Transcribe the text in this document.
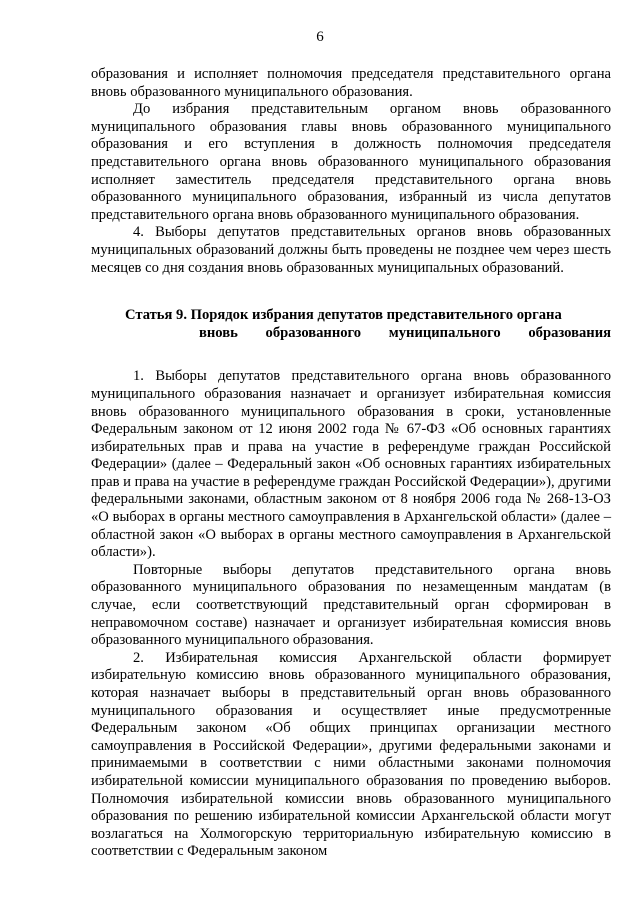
6

образования и исполняет полномочия председателя представительного органа вновь образованного муниципального образования.

До избрания представительным органом вновь образованного муниципального образования главы вновь образованного муниципального образования и его вступления в должность полномочия председателя представительного органа вновь образованного муниципального образования исполняет заместитель председателя представительного органа вновь образованного муниципального образования, избранный из числа депутатов представительного органа вновь образованного муниципального образования.

4. Выборы депутатов представительных органов вновь образованных муниципальных образований должны быть проведены не позднее чем через шесть месяцев со дня создания вновь образованных муниципальных образований.

Статья 9. Порядок избрания депутатов представительного органа
вновь образованного муниципального образования

1. Выборы депутатов представительного органа вновь образованного муниципального образования назначает и организует избирательная комиссия вновь образованного муниципального образования в сроки, установленные Федеральным законом от 12 июня 2002 года № 67-ФЗ «Об основных гарантиях избирательных прав и права на участие в референдуме граждан Российской Федерации» (далее – Федеральный закон «Об основных гарантиях избирательных прав и права на участие в референдуме граждан Российской Федерации»), другими федеральными законами, областным законом от 8 ноября 2006 года № 268-13-ОЗ «О выборах в органы местного самоуправления в Архангельской области» (далее – областной закон «О выборах в органы местного самоуправления в Архангельской области»).

Повторные выборы депутатов представительного органа вновь образованного муниципального образования по незамещенным мандатам (в случае, если соответствующий представительный орган сформирован в неправомочном составе) назначает и организует избирательная комиссия вновь образованного муниципального образования.

2. Избирательная комиссия Архангельской области формирует избирательную комиссию вновь образованного муниципального образования, которая назначает выборы в представительный орган вновь образованного муниципального образования и осуществляет иные предусмотренные Федеральным законом «Об общих принципах организации местного самоуправления в Российской Федерации», другими федеральными законами и принимаемыми в соответствии с ними областными законами полномочия избирательной комиссии муниципального образования по проведению выборов. Полномочия избирательной комиссии вновь образованного муниципального образования по решению избирательной комиссии Архангельской области могут возлагаться на Холмогорскую территориальную избирательную комиссию в соответствии с Федеральным законом
